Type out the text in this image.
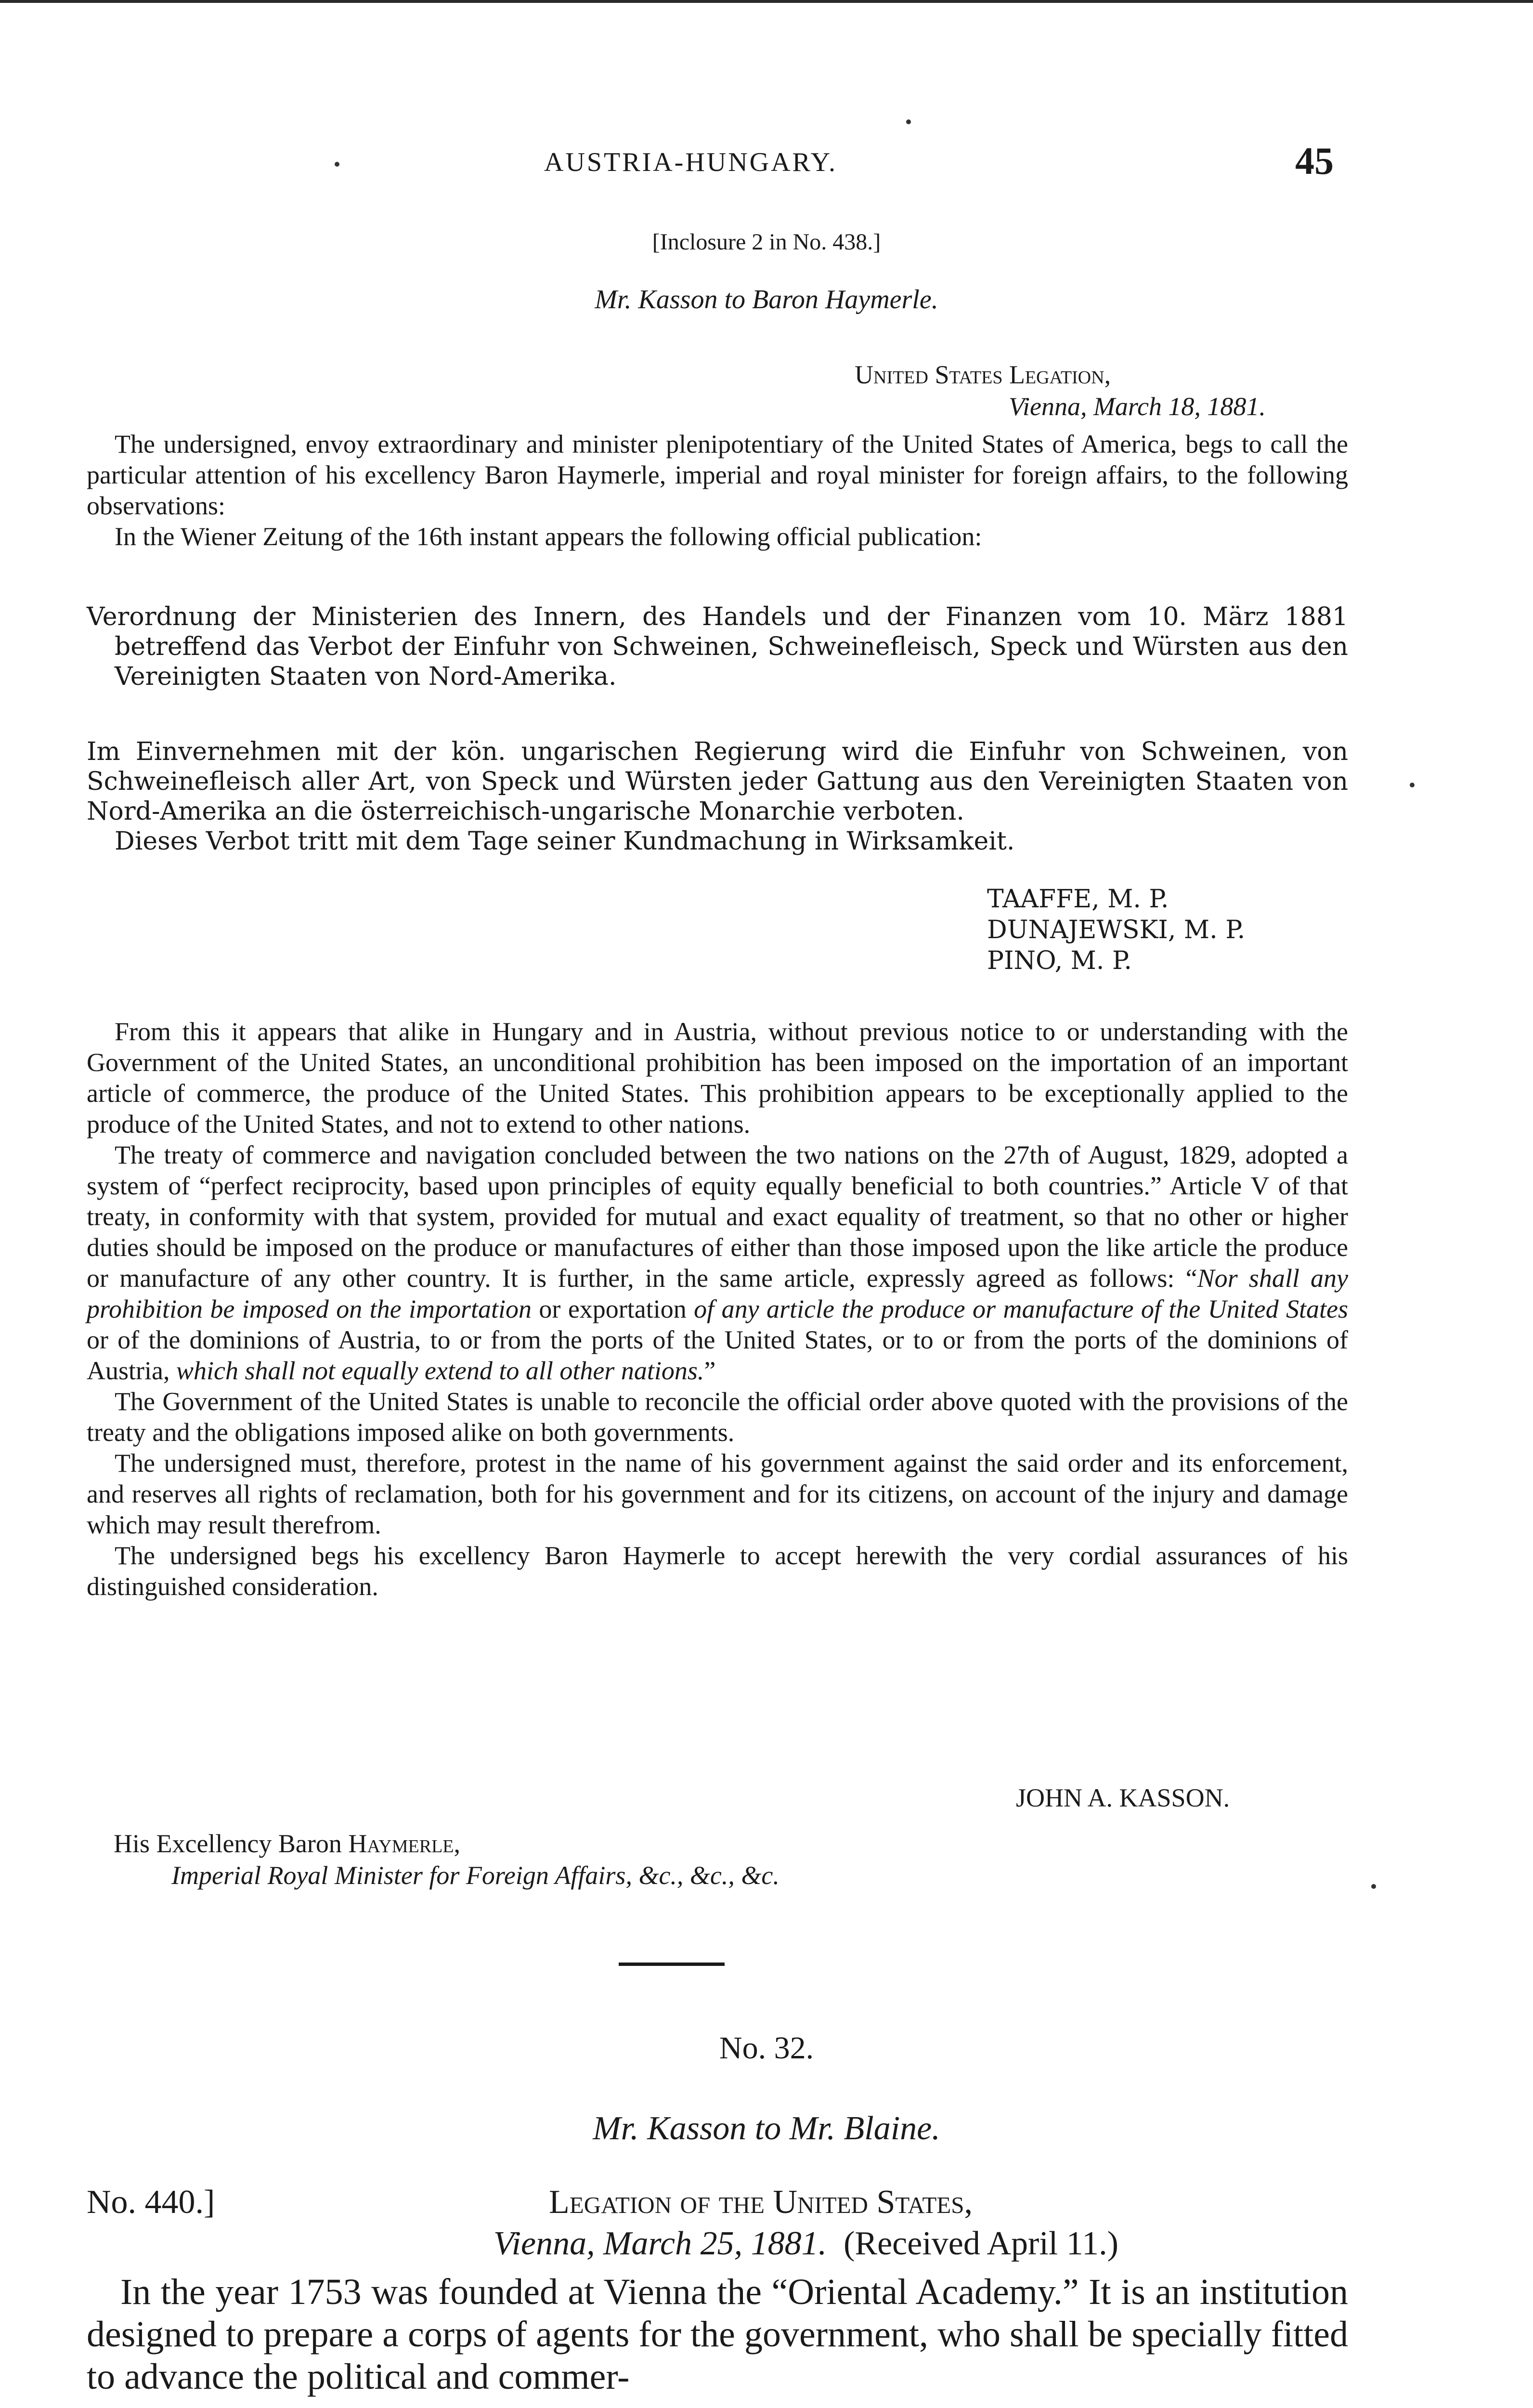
AUSTRIA-HUNGARY.	45
[Inclosure 2 in No. 438.]
Mr. Kasson to Baron Haymerle.
United States Legation,
Vienna, March 18, 1881.

The undersigned, envoy extraordinary and minister plenipotentiary of the United States of America, begs to call the particular attention of his excellency Baron Haymerle, imperial and royal minister for foreign affairs, to the following observations:

In the Wiener Zeitung of the 16th instant appears the following official publication:

Verordnung der Ministerien des Innern, des Handels und der Finanzen vom 10. März 1881 betreffend das Verbot der Einfuhr von Schweinen, Schweinefleisch, Speck und Würsten aus den Vereinigten Staaten von Nord-Amerika.

Im Einvernehmen mit der kön. ungarischen Regierung wird die Einfuhr von Schweinen, von Schweinefleisch aller Art, von Speck und Würsten jeder Gattung aus den Vereinigten Staaten von Nord-Amerika an die österreichisch-ungarische Monarchie verboten.

Dieses Verbot tritt mit dem Tage seiner Kundmachung in Wirksamkeit.

TAAFFE, M. P.
DUNAJEWSKI, M. P.
PINO, M. P.

From this it appears that alike in Hungary and in Austria, without previous notice to or understanding with the Government of the United States, an unconditional prohibition has been imposed on the importation of an important article of commerce, the produce of the United States. This prohibition appears to be exceptionally applied to the produce of the United States, and not to extend to other nations.

The treaty of commerce and navigation concluded between the two nations on the 27th of August, 1829, adopted a system of “perfect reciprocity, based upon principles of equity equally beneficial to both countries.” Article V of that treaty, in conformity with that system, provided for mutual and exact equality of treatment, so that no other or higher duties should be imposed on the produce or manufactures of either than those imposed upon the like article the produce or manufacture of any other country. It is further, in the same article, expressly agreed as follows: “Nor shall any prohibition be imposed on the importation or exportation of any article the produce or manufacture of the United States or of the dominions of Austria, to or from the ports of the United States, or to or from the ports of the dominions of Austria, which shall not equally extend to all other nations.”

The Government of the United States is unable to reconcile the official order above quoted with the provisions of the treaty and the obligations imposed alike on both governments.

The undersigned must, therefore, protest in the name of his government against the said order and its enforcement, and reserves all rights of reclamation, both for his government and for its citizens, on account of the injury and damage which may result therefrom.

The undersigned begs his excellency Baron Haymerle to accept herewith the very cordial assurances of his distinguished consideration.

JOHN A. KASSON.
His Excellency Baron Haymerle,
Imperial Royal Minister for Foreign Affairs, &c., &c., &c.
No. 32.
Mr. Kasson to Mr. Blaine.
No. 440.]	Legation of the United States,
Vienna, March 25, 1881. (Received April 11.)

In the year 1753 was founded at Vienna the “Oriental Academy.” It is an institution designed to prepare a corps of agents for the government, who shall be specially fitted to advance the political and commer-
